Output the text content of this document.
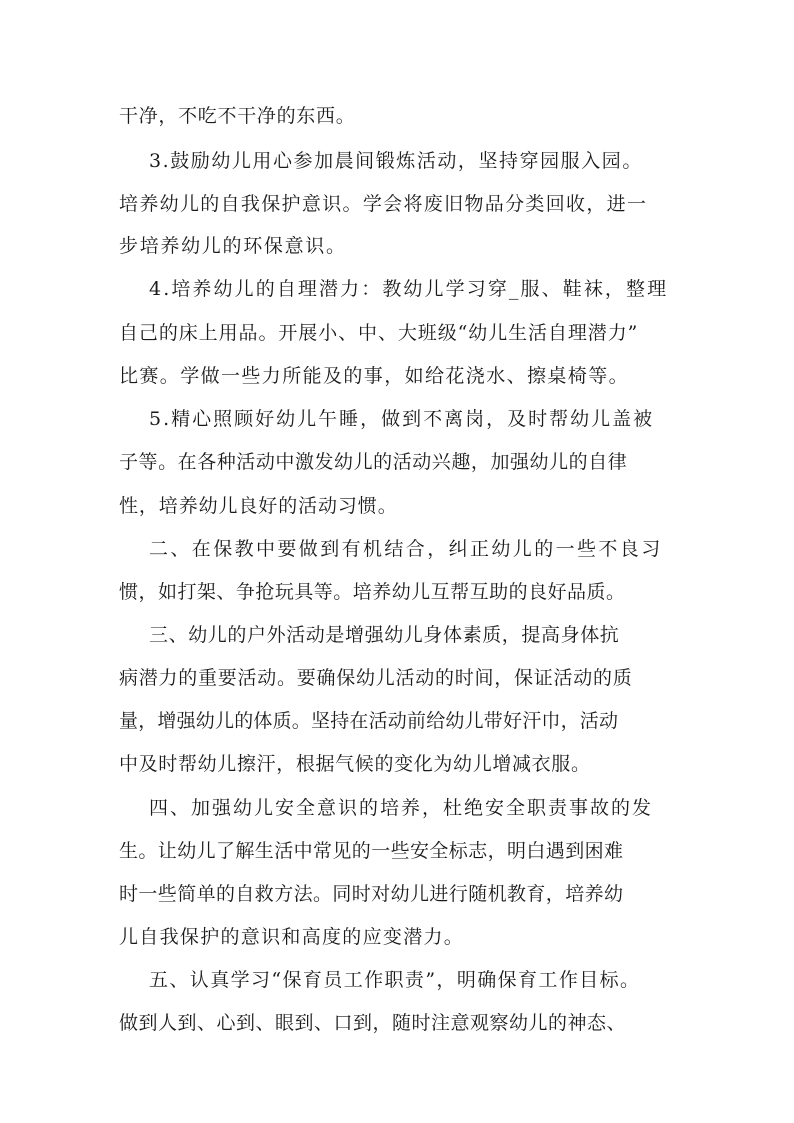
干净，不吃不干净的东西。

3.鼓励幼儿用心参加晨间锻炼活动，坚持穿园服入园。

培养幼儿的自我保护意识。学会将废旧物品分类回收，进一

步培养幼儿的环保意识。

4.培养幼儿的自理潜力：教幼儿学习穿_服、鞋袜，整理

自己的床上用品。开展小、中、大班级“幼儿生活自理潜力”

比赛。学做一些力所能及的事，如给花浇水、擦桌椅等。

5.精心照顾好幼儿午睡，做到不离岗，及时帮幼儿盖被

子等。在各种活动中激发幼儿的活动兴趣，加强幼儿的自律

性，培养幼儿良好的活动习惯。

二、在保教中要做到有机结合，纠正幼儿的一些不良习

惯，如打架、争抢玩具等。培养幼儿互帮互助的良好品质。

三、幼儿的户外活动是增强幼儿身体素质，提高身体抗

病潜力的重要活动。要确保幼儿活动的时间，保证活动的质

量，增强幼儿的体质。坚持在活动前给幼儿带好汗巾，活动

中及时帮幼儿擦汗，根据气候的变化为幼儿增减衣服。

四、加强幼儿安全意识的培养，杜绝安全职责事故的发

生。让幼儿了解生活中常见的一些安全标志，明白遇到困难

时一些简单的自救方法。同时对幼儿进行随机教育，培养幼

儿自我保护的意识和高度的应变潜力。

五、认真学习“保育员工作职责”，明确保育工作目标。

做到人到、心到、眼到、口到，随时注意观察幼儿的神态、
